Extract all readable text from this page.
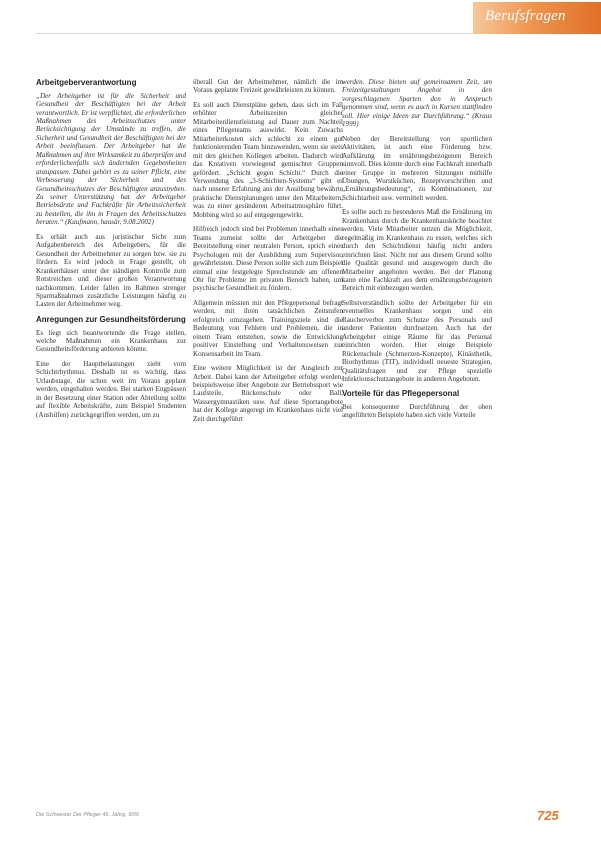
Berufsfragen

Arbeitgeberverantwortung

„Der Arbeitgeber ist für die Sicherheit und Gesundheit der Beschäftigten bei der Arbeit verantwortlich. Er ist verpflichtet, die erforderlichen Maßnahmen des Arbeitsschutzes unter Berücksichtigung der Umstände zu treffen, die Sicherheit und Gesundheit der Beschäftigten bei der Arbeit beeinflussen. Der Arbeitgeber hat die Maßnahmen auf ihre Wirksamkeit zu überprüfen und erforderlichenfalls sich ändernden Gegebenheiten anzupassen. Dabei gehört es zu seiner Pflicht, eine Verbesserung der Sicherheit und des Gesundheitsschutzes der Beschäftigten anzustreben. Zu seiner Unterstützung hat der Arbeitgeber Betriebsärzte und Fachkräfte für Arbeitssicherheit zu bestellen, die ihn in Fragen des Arbeitsschutzes beraten.“ (Kaufmann, hausär, 9.08.2002)

Es erhält auch aus juristischer Sicht zum Aufgabenbereich des Arbeitgebers, für die Gesundheit der Arbeitnehmer zu sorgen bzw. sie zu fördern. Es wird jedoch in Frage gestellt, ob Krankenhäuser unter der ständigen Kontrolle zum Rotstreichen und dieser großen Verantwortung nachkommen. Leider fallen im Rahmen strenger Sparmaßnahmen zusätzliche Leistungen häufig zu Lasten der Arbeitnehmer weg.

Anregungen zur Gesundheitsförderung

Es liegt sich beantwortende die Frage stellen, welche Maßnahmen ein Krankenhaus zur Gesundheitsförderung anbieten könnte.

Eine der Hauptbelastungen zieht vom Schichtrhythmus. Deshalb ist es wichtig, dass Urlaubstage, die schon weit im Voraus geplant werden, eingehalten werden. Bei starken Engpässen in der Besetzung einer Station oder Abteilung sollte auf flexible Arbeitskräfte, zum Beispiel Studenten (Aushilfen) zurückgegriffen werden, um zu

überall Gut der Arbeitnehmer, nämlich die im Voraus geplante Freizeit gewährleisten zu können.

Es soll auch Dienstpläne geben, dass sich im Fall erhöhter Arbeitszeiten gleicher Mitarbeiterdienstleistung auf Dauer zum Nachteil eines Pflegeteams auswirkt. Kein Zuwachs Mitarbeiterkosten sich schlecht zu einem gut funktionierenden Team hinzuwenden, wenn sie stets mit den gleichen Kollegen arbeiten. Dadurch wird das Kreativen vorwiegend gemischter Gruppen gefördert. „Schicht gegen Schicht.“ Durch die Verwendung des „3-Schichten-Systems“ gibt es nach unserer Erfahrung aus der Ausübung bewährte praktische Dienstplanungen unter den Mitarbeitern, was zu einer gesünderen Arbeitsatmosphäre führt. Mobbing wird so auf entgegengewirkt.

Hilfreich jedoch sind bei Problemen innerhalb eines Teams zumeist sollte der Arbeitgeber die Bereitstellung einer neutralen Person, sprich eines Psychologen mit der Ausbildung zum Supervisor, gewährleisten. Diese Person sollte sich zum Beispiel einmal eine festgelegte Sprechstunde am offenen Ohr für Probleme im privaten Bereich haben, um psychische Gesundheit zu fördern.

Allgemein müssten mit den Pflegepersonal befragt werden, mit ihren tatsächlichen Zeitstufen erfolgreich umzugehen. Trainingsziele sind die Bedeutung von Fehlern und Problemen, die in einem Team entstehen, sowie die Entwicklung positiver Einstellung und Verhaltensweisen zur Konsensarbeit im Team.

Eine weitere Möglichkeit ist der Ausgleich zur Arbeit. Dabei kann der Arbeitgeber erfolgt werden, beispielsweise über Angebote zur Betriebssport wie Laufsteile, Rückenschule oder Ball, Wassergymnastiken usw. Auf diese Sportangebote hat der Kollege angeregt im Krankenhaus nicht viel Zeit durchgeführt

werden. Diese bieten auf gemeinsamen Zeit, um Freizeitgestaltungen Angebot in den vorgeschlagenen Sparten den in Anspruch genommen sind, wenn es auch in Kursen stattfinden soll. Hier einige Ideen zur Durchführung.“ (Kraus 1999)

Neben der Bereitstellung von sportlichen Aktivitäten, ist auch eine Förderung bzw. Aufklärung im ernährungsbezogenen Bereich sinnvoll. Dies könnte durch eine Fachkraft innerhalb einer Gruppe in mehreren Sitzungen mithilfe Übungen, Wurstküchen, Rezeptvorschriften und „Ernährungsbedeutung“, zu Kombinationen, zur Schichtarbeit usw. vermittelt werden.

Es sollte auch zu besonderes Maß die Ernährung im Krankenhaus durch die Krankenhausküche beachtet werden. Viele Mitarbeiter nutzen die Möglichkeit, regelmäßig im Krankenhaus zu essen, welches sich durch den Schichtdienst häufig nicht anders einrichten lässt. Nicht nur aus diesem Grund sollte die Qualität gesund und ausgewogen durch die Mitarbeiter angeboten werden. Bei der Planung kann eine Fachkraft aus dem ernährungsbezogenen Bereich mit einbezogen werden.

Selbstverständlich sollte der Arbeitgeber für ein eventuelles Krankenhaus sorgen und ein Raucherverbot zum Schutze des Personals und anderer Patienten durchsetzen. Auch hat der Arbeitgeber einige Räume für das Personal einrichten worden. Hier einige Beispiele Rückenschule (Schmerzen-Konzepte), Kinästhetik, Biorhythmus (TIT), individuell neueste Strategien, Qualitätsfragen und zur Pflege spezielle Infektionsschutzangebote in anderen Angeboten.

Vorteile für das Pflegepersonal

Bei konsequenter Durchführung der oben angeführten Beispiele haben sich viele Vorteile

Die Schwester Der Pfleger 45. Jahrg. 9/06	725
